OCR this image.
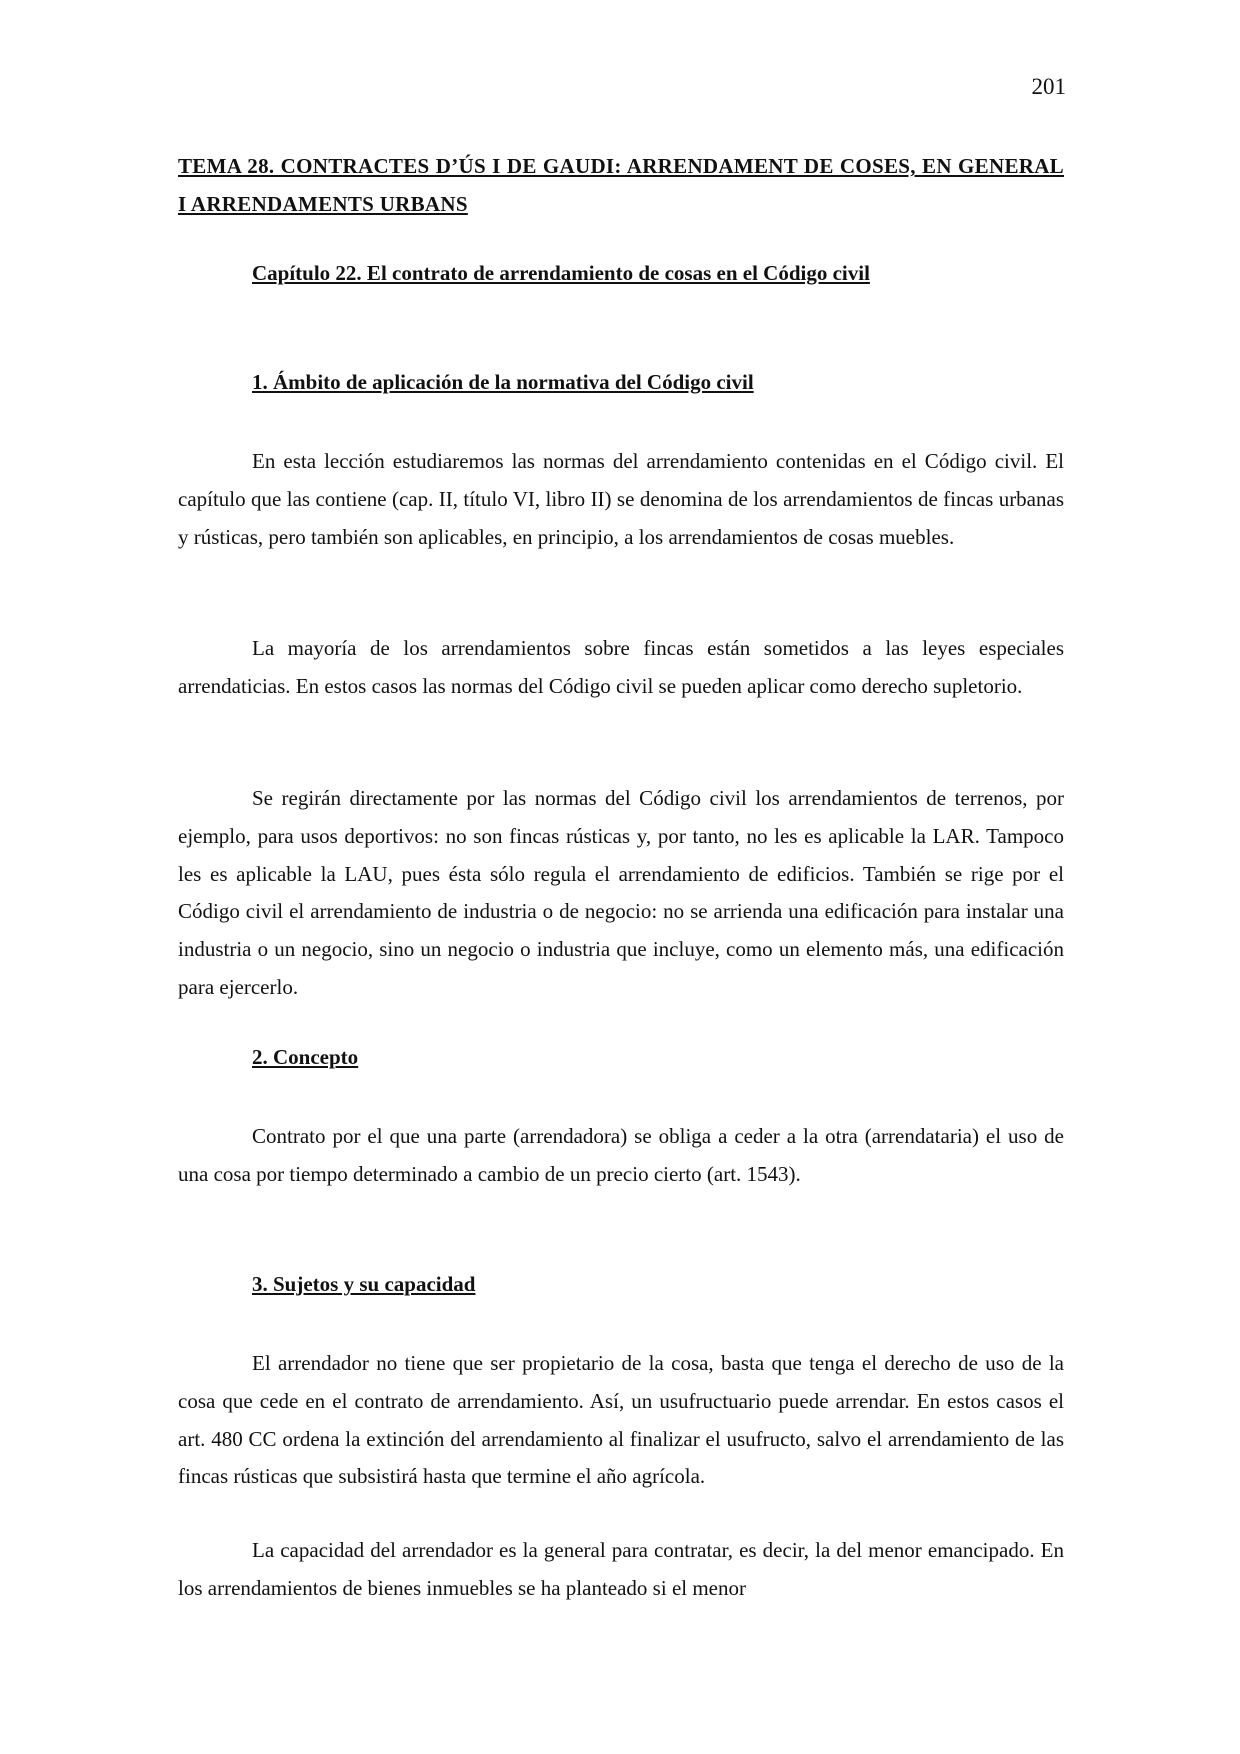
201
TEMA 28. CONTRACTES D’ÚS I DE GAUDI: ARRENDAMENT DE COSES, EN GENERAL I ARRENDAMENTS URBANS
Capítulo 22. El contrato de arrendamiento de cosas en el Código civil
1. Ámbito de aplicación de la normativa del Código civil

En esta lección estudiaremos las normas del arrendamiento contenidas en el Código civil. El capítulo que las contiene (cap. II, título VI, libro II) se denomina de los arrendamientos de fincas urbanas y rústicas, pero también son aplicables, en principio, a los arrendamientos de cosas muebles.

La mayoría de los arrendamientos sobre fincas están sometidos a las leyes especiales arrendaticias. En estos casos las normas del Código civil se pueden aplicar como derecho supletorio.

Se regirán directamente por las normas del Código civil los arrendamientos de terrenos, por ejemplo, para usos deportivos: no son fincas rústicas y, por tanto, no les es aplicable la LAR. Tampoco les es aplicable la LAU, pues ésta sólo regula el arrendamiento de edificios. También se rige por el Código civil el arrendamiento de industria o de negocio: no se arrienda una edificación para instalar una industria o un negocio, sino un negocio o industria que incluye, como un elemento más, una edificación para ejercerlo.

2. Concepto

Contrato por el que una parte (arrendadora) se obliga a ceder a la otra (arrendataria) el uso de una cosa por tiempo determinado a cambio de un precio cierto (art. 1543).

3. Sujetos y su capacidad

El arrendador no tiene que ser propietario de la cosa, basta que tenga el derecho de uso de la cosa que cede en el contrato de arrendamiento. Así, un usufructuario puede arrendar. En estos casos el art. 480 CC ordena la extinción del arrendamiento al finalizar el usufructo, salvo el arrendamiento de las fincas rústicas que subsistirá hasta que termine el año agrícola.

La capacidad del arrendador es la general para contratar, es decir, la del menor emancipado. En los arrendamientos de bienes inmuebles se ha planteado si el menor
